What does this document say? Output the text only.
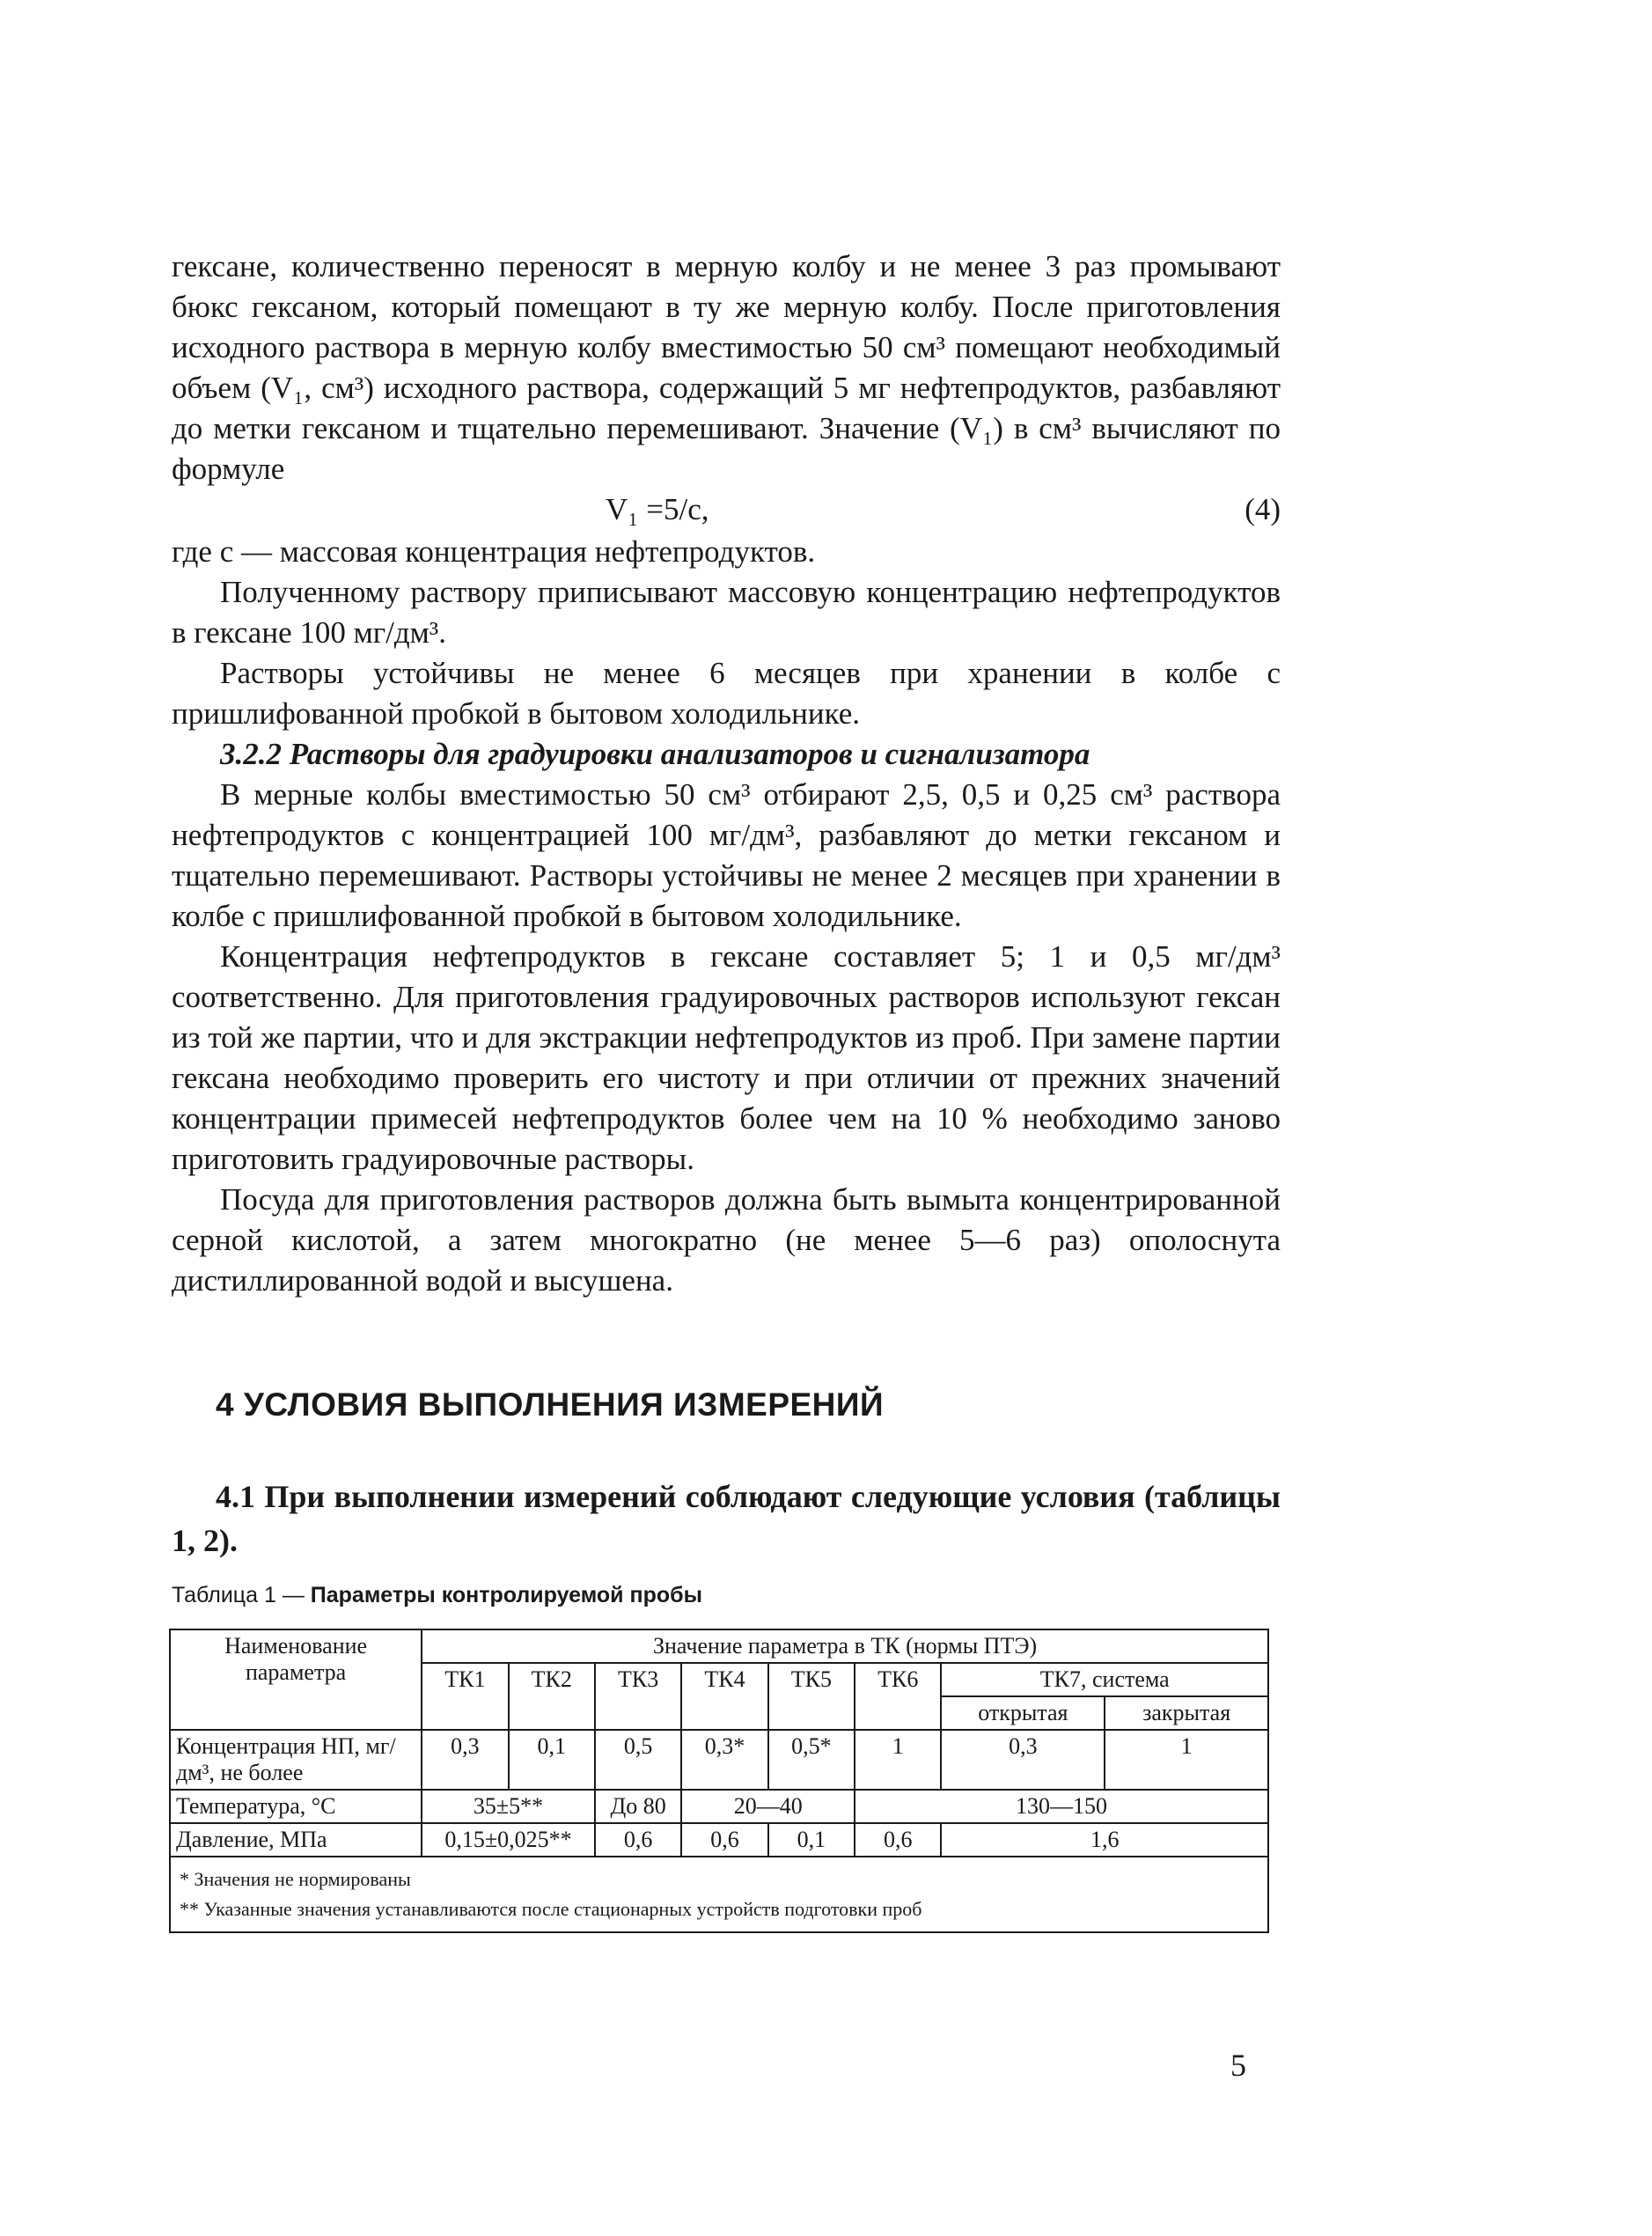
гексане, количественно переносят в мерную колбу и не менее 3 раз промывают бюкс гексаном, который помещают в ту же мерную колбу. После приготовления исходного раствора в мерную колбу вместимостью 50 см³ помещают необходимый объем (V₁, см³) исходного раствора, содержащий 5 мг нефтепродуктов, разбавляют до метки гексаном и тщательно перемешивают. Значение (V₁) в см³ вычисляют по формуле

V₁ =5/с,	(4)

где с — массовая концентрация нефтепродуктов.

Полученному раствору приписывают массовую концентрацию нефтепродуктов в гексане 100 мг/дм³.

Растворы устойчивы не менее 6 месяцев при хранении в колбе с пришлифованной пробкой в бытовом холодильнике.

3.2.2 Растворы для градуировки анализаторов и сигнализатора

В мерные колбы вместимостью 50 см³ отбирают 2,5, 0,5 и 0,25 см³ раствора нефтепродуктов с концентрацией 100 мг/дм³, разбавляют до метки гексаном и тщательно перемешивают. Растворы устойчивы не менее 2 месяцев при хранении в колбе с пришлифованной пробкой в бытовом холодильнике.

Концентрация нефтепродуктов в гексане составляет 5; 1 и 0,5 мг/дм³ соответственно. Для приготовления градуировочных растворов используют гексан из той же партии, что и для экстракции нефтепродуктов из проб. При замене партии гексана необходимо проверить его чистоту и при отличии от прежних значений концентрации примесей нефтепродуктов более чем на 10 % необходимо заново приготовить градуировочные растворы.

Посуда для приготовления растворов должна быть вымыта концентрированной серной кислотой, а затем многократно (не менее 5—6 раз) ополоснута дистиллированной водой и высушена.

4 УСЛОВИЯ ВЫПОЛНЕНИЯ ИЗМЕРЕНИЙ

4.1 При выполнении измерений соблюдают следующие условия (таблицы 1, 2).

Таблица 1 — Параметры контролируемой пробы
Наименование параметра	Значение параметра в ТК (нормы ПТЭ)							
	ТК1	ТК2	ТК3	ТК4	ТК5	ТК6	ТК7, система	
							открытая	закрытая
Концентрация НП, мг/дм³, не более	0,3	0,1	0,5	0,3*	0,5*	1	0,3	1
Температура, °С	35±5**		До 80	20—40		130—150		
Давление, МПа	0,15±0,025**		0,6	0,6	0,1	0,6	1,6	

* Значения не нормированы
** Указанные значения устанавливаются после стационарных устройств подготовки проб								
5
